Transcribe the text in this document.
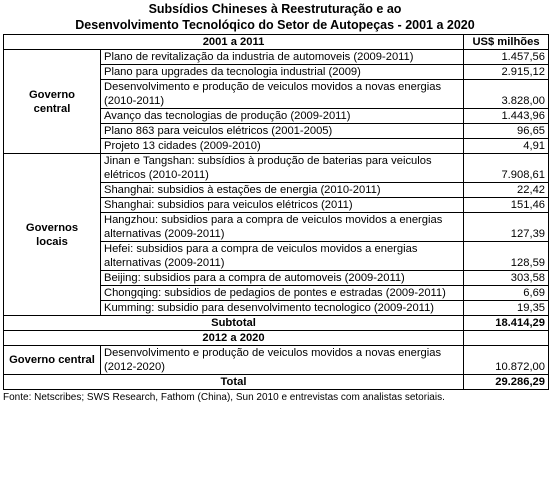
Subsídios Chineses à Reestruturação e ao
Desenvolvimento Tecnolóqico do Setor de Autopeças - 2001 a 2020
2001 a 2011		US$ milhões
Governo
central	Plano de revitalização da industria de automoveis (2009-2011)	1.457,56
	Plano para upgrades da tecnologia industrial (2009)	2.915,12
	Desenvolvimento e produção de veiculos movidos a novas energias (2010-2011)	3.828,00
	Avanço das tecnologias de produção (2009-2011)	1.443,96
	Plano 863 para veiculos elétricos (2001-2005)	96,65
	Projeto 13 cidades (2009-2010)	4,91
Governos
locais	Jinan e Tangshan: subsídios à produção de baterias para veiculos elétricos (2010-2011)	7.908,61
	Shanghai: subsidios à estações de energia (2010-2011)	22,42
	Shanghai: subsidios para veiculos elétricos (2011)	151,46
	Hangzhou: subsidios para a compra de veiculos movidos a energias alternativas (2009-2011)	127,39
	Hefei: subsidios para a compra de veiculos movidos a energias alternativas (2009-2011)	128,59
	Beijing: subsidios para a compra de automoveis (2009-2011)	303,58
	Chongqing: subsidios de pedagios de pontes e estradas (2009-2011)	6,69
	Kumming: subsidio para desenvolvimento tecnologico (2009-2011)	19,35
Subtotal		18.414,29
2012 a 2020		
Governo central	Desenvolvimento e produção de veiculos movidos a novas energias (2012-2020)	10.872,00
Total		29.286,29
Fonte: Netscribes; SWS Research, Fathom (China), Sun 2010 e entrevistas com analistas setoriais.
